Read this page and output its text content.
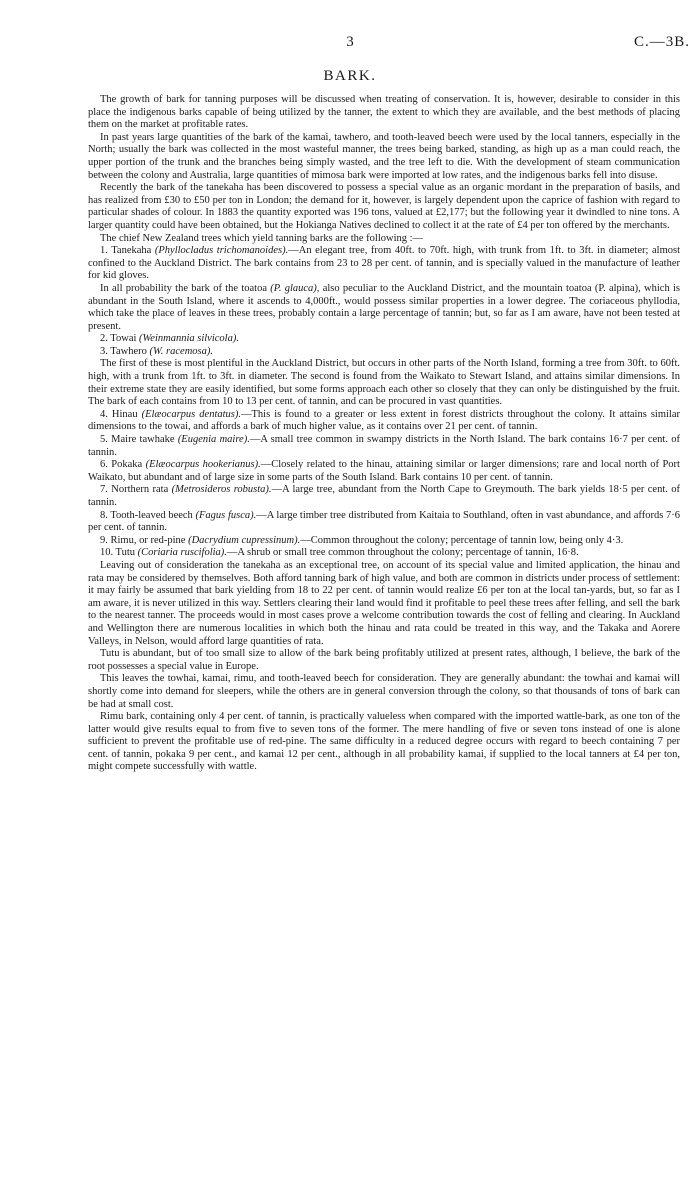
3	C.—3B.
BARK.

The growth of bark for tanning purposes will be discussed when treating of conservation. It is, however, desirable to consider in this place the indigenous barks capable of being utilized by the tanner, the extent to which they are available, and the best methods of placing them on the market at profitable rates.

In past years large quantities of the bark of the kamai, tawhero, and tooth-leaved beech were used by the local tanners, especially in the North; usually the bark was collected in the most wasteful manner, the trees being barked, standing, as high up as a man could reach, the upper portion of the trunk and the branches being simply wasted, and the tree left to die. With the development of steam communication between the colony and Australia, large quantities of mimosa bark were imported at low rates, and the indigenous barks fell into disuse.

Recently the bark of the tanekaha has been discovered to possess a special value as an organic mordant in the preparation of basils, and has realized from £30 to £50 per ton in London; the demand for it, however, is largely dependent upon the caprice of fashion with regard to particular shades of colour. In 1883 the quantity exported was 196 tons, valued at £2,177; but the following year it dwindled to nine tons. A larger quantity could have been obtained, but the Hokianga Natives declined to collect it at the rate of £4 per ton offered by the merchants.

The chief New Zealand trees which yield tanning barks are the following :—

1. Tanekaha (Phyllocladus trichomanoides).—An elegant tree, from 40ft. to 70ft. high, with trunk from 1ft. to 3ft. in diameter; almost confined to the Auckland District. The bark contains from 23 to 28 per cent. of tannin, and is specially valued in the manufacture of leather for kid gloves.

In all probability the bark of the toatoa (P. glauca), also peculiar to the Auckland District, and the mountain toatoa (P. alpina), which is abundant in the South Island, where it ascends to 4,000ft., would possess similar properties in a lower degree. The coriaceous phyllodia, which take the place of leaves in these trees, probably contain a large percentage of tannin; but, so far as I am aware, have not been tested at present.

2. Towai (Weinmannia silvicola).

3. Tawhero (W. racemosa).

The first of these is most plentiful in the Auckland District, but occurs in other parts of the North Island, forming a tree from 30ft. to 60ft. high, with a trunk from 1ft. to 3ft. in diameter. The second is found from the Waikato to Stewart Island, and attains similar dimensions. In their extreme state they are easily identified, but some forms approach each other so closely that they can only be distinguished by the fruit. The bark of each contains from 10 to 13 per cent. of tannin, and can be procured in vast quantities.

4. Hinau (Elæocarpus dentatus).—This is found to a greater or less extent in forest districts throughout the colony. It attains similar dimensions to the towai, and affords a bark of much higher value, as it contains over 21 per cent. of tannin.

5. Maire tawhake (Eugenia maire).—A small tree common in swampy districts in the North Island. The bark contains 16·7 per cent. of tannin.

6. Pokaka (Elæocarpus hookerianus).—Closely related to the hinau, attaining similar or larger dimensions; rare and local north of Port Waikato, but abundant and of large size in some parts of the South Island. Bark contains 10 per cent. of tannin.

7. Northern rata (Metrosideros robusta).—A large tree, abundant from the North Cape to Greymouth. The bark yields 18·5 per cent. of tannin.

8. Tooth-leaved beech (Fagus fusca).—A large timber tree distributed from Kaitaia to Southland, often in vast abundance, and affords 7·6 per cent. of tannin.

9. Rimu, or red-pine (Dacrydium cupressinum).—Common throughout the colony; percentage of tannin low, being only 4·3.

10. Tutu (Coriaria ruscifolia).—A shrub or small tree common throughout the colony; percentage of tannin, 16·8.

Leaving out of consideration the tanekaha as an exceptional tree, on account of its special value and limited application, the hinau and rata may be considered by themselves. Both afford tanning bark of high value, and both are common in districts under process of settlement: it may fairly be assumed that bark yielding from 18 to 22 per cent. of tannin would realize £6 per ton at the local tan-yards, but, so far as I am aware, it is never utilized in this way. Settlers clearing their land would find it profitable to peel these trees after felling, and sell the bark to the nearest tanner. The proceeds would in most cases prove a welcome contribution towards the cost of felling and clearing. In Auckland and Wellington there are numerous localities in which both the hinau and rata could be treated in this way, and the Takaka and Aorere Valleys, in Nelson, would afford large quantities of rata.

Tutu is abundant, but of too small size to allow of the bark being profitably utilized at present rates, although, I believe, the bark of the root possesses a special value in Europe.

This leaves the towhai, kamai, rimu, and tooth-leaved beech for consideration. They are generally abundant: the towhai and kamai will shortly come into demand for sleepers, while the others are in general conversion through the colony, so that thousands of tons of bark can be had at small cost.

Rimu bark, containing only 4 per cent. of tannin, is practically valueless when compared with the imported wattle-bark, as one ton of the latter would give results equal to from five to seven tons of the former. The mere handling of five or seven tons instead of one is alone sufficient to prevent the profitable use of red-pine. The same difficulty in a reduced degree occurs with regard to beech containing 7 per cent. of tannin, pokaka 9 per cent., and kamai 12 per cent., although in all probability kamai, if supplied to the local tanners at £4 per ton, might compete successfully with wattle.
